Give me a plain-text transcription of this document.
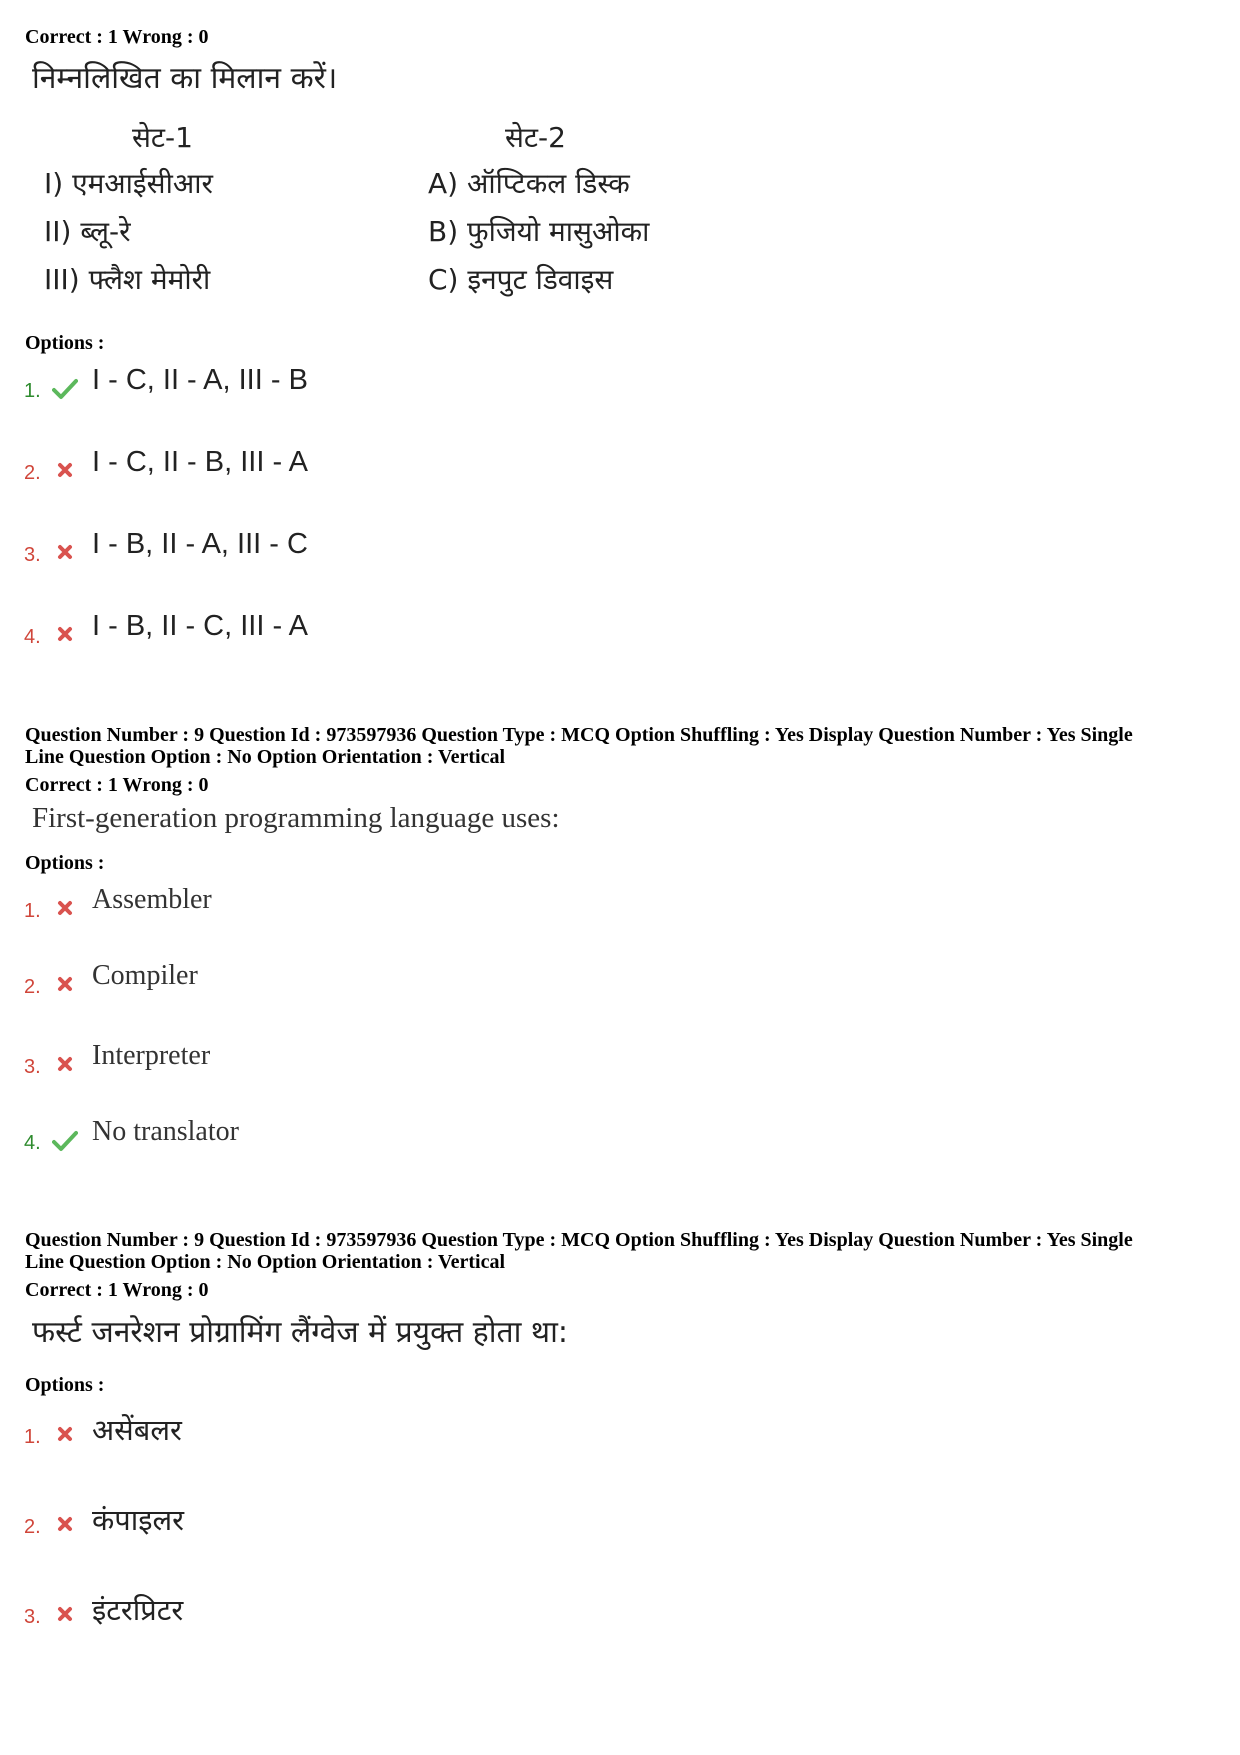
Correct : 1 Wrong : 0
निम्नलिखित का मिलान करें।
सेट-1	सेट-2
I) एमआईसीआर
II) ब्लू-रे
III) फ्लैश मेमोरी
A) ऑप्टिकल डिस्क
B) फुजियो मासुओका
C) इनपुट डिवाइस
Options :
1. I - C, II - A, III - B
2. I - C, II - B, III - A
3. I - B, II - A, III - C
4. I - B, II - C, III - A
Question Number : 9 Question Id : 973597936 Question Type : MCQ Option Shuffling : Yes Display Question Number : Yes Single
Line Question Option : No Option Orientation : Vertical
Correct : 1 Wrong : 0
First-generation programming language uses:
Options :
1. Assembler
2. Compiler
3. Interpreter
4. No translator
Question Number : 9 Question Id : 973597936 Question Type : MCQ Option Shuffling : Yes Display Question Number : Yes Single
Line Question Option : No Option Orientation : Vertical
Correct : 1 Wrong : 0
फर्स्ट जनरेशन प्रोग्रामिंग लैंग्वेज में प्रयुक्त होता था:
Options :
1. असेंबलर
2. कंपाइलर
3. इंटरप्रिटर
